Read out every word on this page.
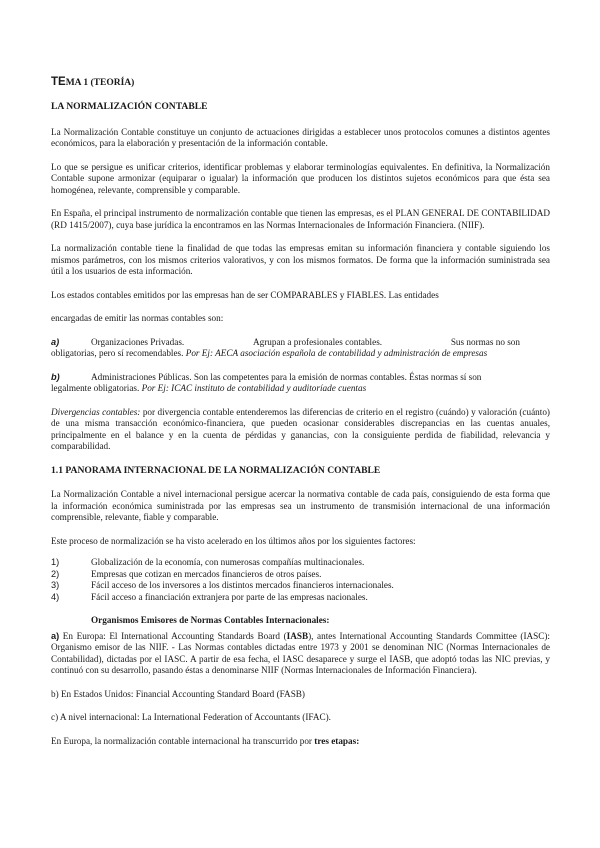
TEMA 1 (TEORÍA)

LA NORMALIZACIÓN CONTABLE

La Normalización Contable constituye un conjunto de actuaciones dirigidas a establecer unos protocolos comunes a distintos agentes económicos, para la elaboración y presentación de la información contable.

Lo que se persigue es unificar criterios, identificar problemas y elaborar terminologías equivalentes. En definitiva, la Normalización Contable supone armonizar (equiparar o igualar) la información que producen los distintos sujetos económicos para que ésta sea homogénea, relevante, comprensible y comparable.

En España, el principal instrumento de normalización contable que tienen las empresas, es el PLAN GENERAL DE CONTABILIDAD (RD 1415/2007), cuya base jurídica la encontramos en las Normas Internacionales de Información Financiera. (NIIF).

La normalización contable tiene la finalidad de que todas las empresas emitan su información financiera y contable siguiendo los mismos parámetros, con los mismos criterios valorativos, y con los mismos formatos. De forma que la información suministrada sea útil a los usuarios de esta información.

Los estados contables emitidos por las empresas han de ser COMPARABLES y FIABLES. Las entidades

encargadas de emitir las normas contables son:

a)	Organizaciones Privadas.	Agrupan a profesionales contables.	Sus normas no son

obligatorias, pero sí recomendables. Por Ej: AECA asociación española de contabilidad y administración de empresas

b)	Administraciones Públicas. Son las competentes para la emisión de normas contables. Éstas normas sí son

legalmente obligatorias. Por Ej: ICAC instituto de contabilidad y auditoríade cuentas

Divergencias contables: por divergencia contable entenderemos las diferencias de criterio en el registro (cuándo) y valoración (cuánto) de una misma transacción económico-financiera, que pueden ocasionar considerables discrepancias en las cuentas anuales, principalmente en el balance y en la cuenta de pérdidas y ganancias, con la consiguiente perdida de fiabilidad, relevancia y comparabilidad.

1.1 PANORAMA INTERNACIONAL DE LA NORMALIZACIÓN CONTABLE

La Normalización Contable a nivel internacional persigue acercar la normativa contable de cada país, consiguiendo de esta forma que la información económica suministrada por las empresas sea un instrumento de transmisión internacional de una información comprensible, relevante, fiable y comparable.

Este proceso de normalización se ha visto acelerado en los últimos años por los siguientes factores:

1)	Globalización de la economía, con numerosas compañías multinacionales.
2)	Empresas que cotizan en mercados financieros de otros países.
3)	Fácil acceso de los inversores a los distintos mercados financieros internacionales.
4)	Fácil acceso a financiación extranjera por parte de las empresas nacionales.

Organismos Emisores de Normas Contables Internacionales:

a) En Europa: El International Accounting Standards Board (IASB), antes International Accounting Standards Committee (IASC): Organismo emisor de las NIIF. - Las Normas contables dictadas entre 1973 y 2001 se denominan NIC (Normas Internacionales de Contabilidad), dictadas por el IASC. A partir de esa fecha, el IASC desaparece y surge el IASB, que adoptó todas las NIC previas, y continuó con su desarrollo, pasando éstas a denominarse NIIF (Normas Internacionales de Información Financiera).

b) En Estados Unidos: Financial Accounting Standard Board (FASB)

c) A nivel internacional: La International Federation of Accountants (IFAC).

En Europa, la normalización contable internacional ha transcurrido por tres etapas:
